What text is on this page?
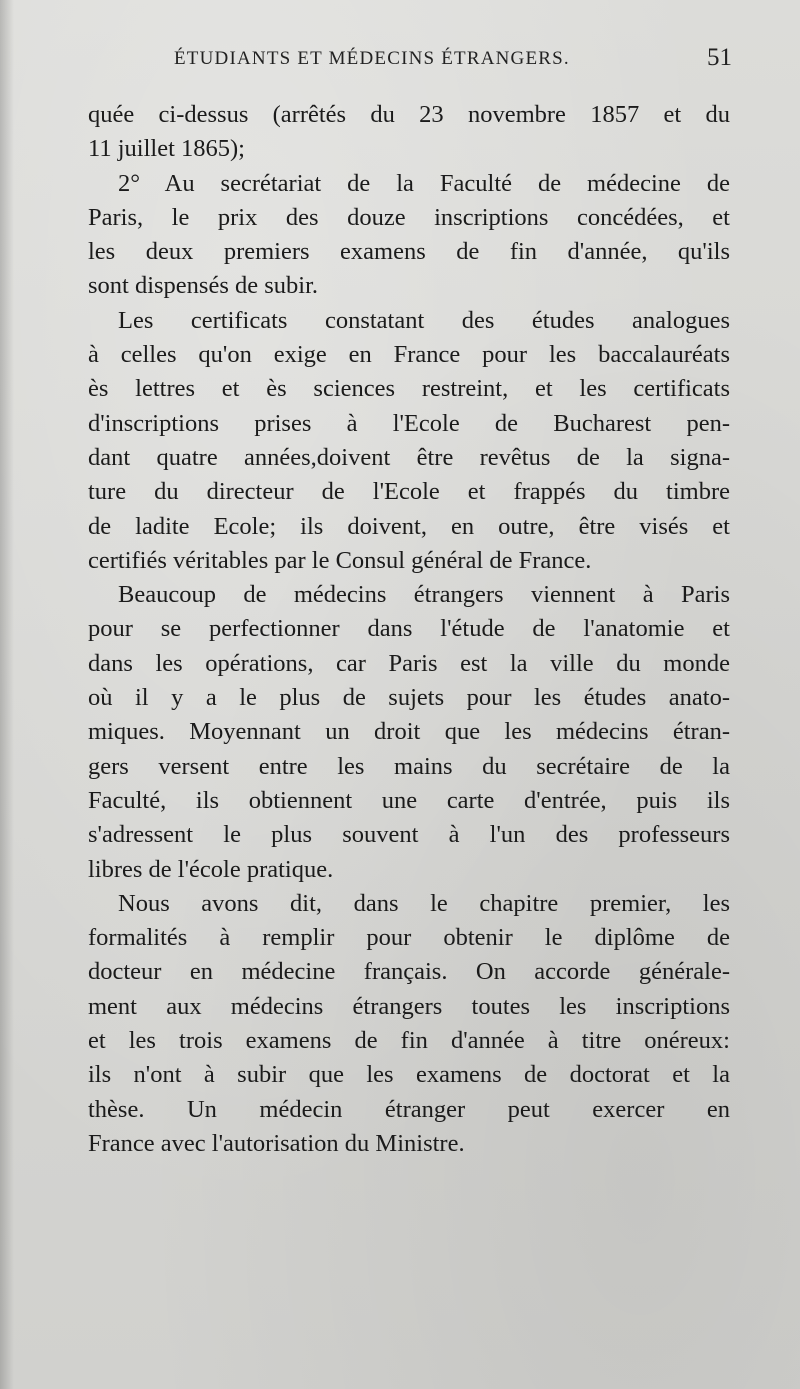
ÉTUDIANTS ET MÉDECINS ÉTRANGERS.	51
quée ci-dessus (arrêtés du 23 novembre 1857 et du
11 juillet 1865);
2° Au secrétariat de la Faculté de médecine de
Paris, le prix des douze inscriptions concédées, et
les deux premiers examens de fin d'année, qu'ils
sont dispensés de subir.
Les certificats constatant des études analogues
à celles qu'on exige en France pour les baccalauréats
ès lettres et ès sciences restreint, et les certificats
d'inscriptions prises à l'Ecole de Bucharest pen-
dant quatre années,doivent être revêtus de la signa-
ture du directeur de l'Ecole et frappés du timbre
de ladite Ecole; ils doivent, en outre, être visés et
certifiés véritables par le Consul général de France.
Beaucoup de médecins étrangers viennent à Paris
pour se perfectionner dans l'étude de l'anatomie et
dans les opérations, car Paris est la ville du monde
où il y a le plus de sujets pour les études anato-
miques. Moyennant un droit que les médecins étran-
gers versent entre les mains du secrétaire de la
Faculté, ils obtiennent une carte d'entrée, puis ils
s'adressent le plus souvent à l'un des professeurs
libres de l'école pratique.
Nous avons dit, dans le chapitre premier, les
formalités à remplir pour obtenir le diplôme de
docteur en médecine français. On accorde générale-
ment aux médecins étrangers toutes les inscriptions
et les trois examens de fin d'année à titre onéreux:
ils n'ont à subir que les examens de doctorat et la
thèse. Un médecin étranger peut exercer en
France avec l'autorisation du Ministre.
